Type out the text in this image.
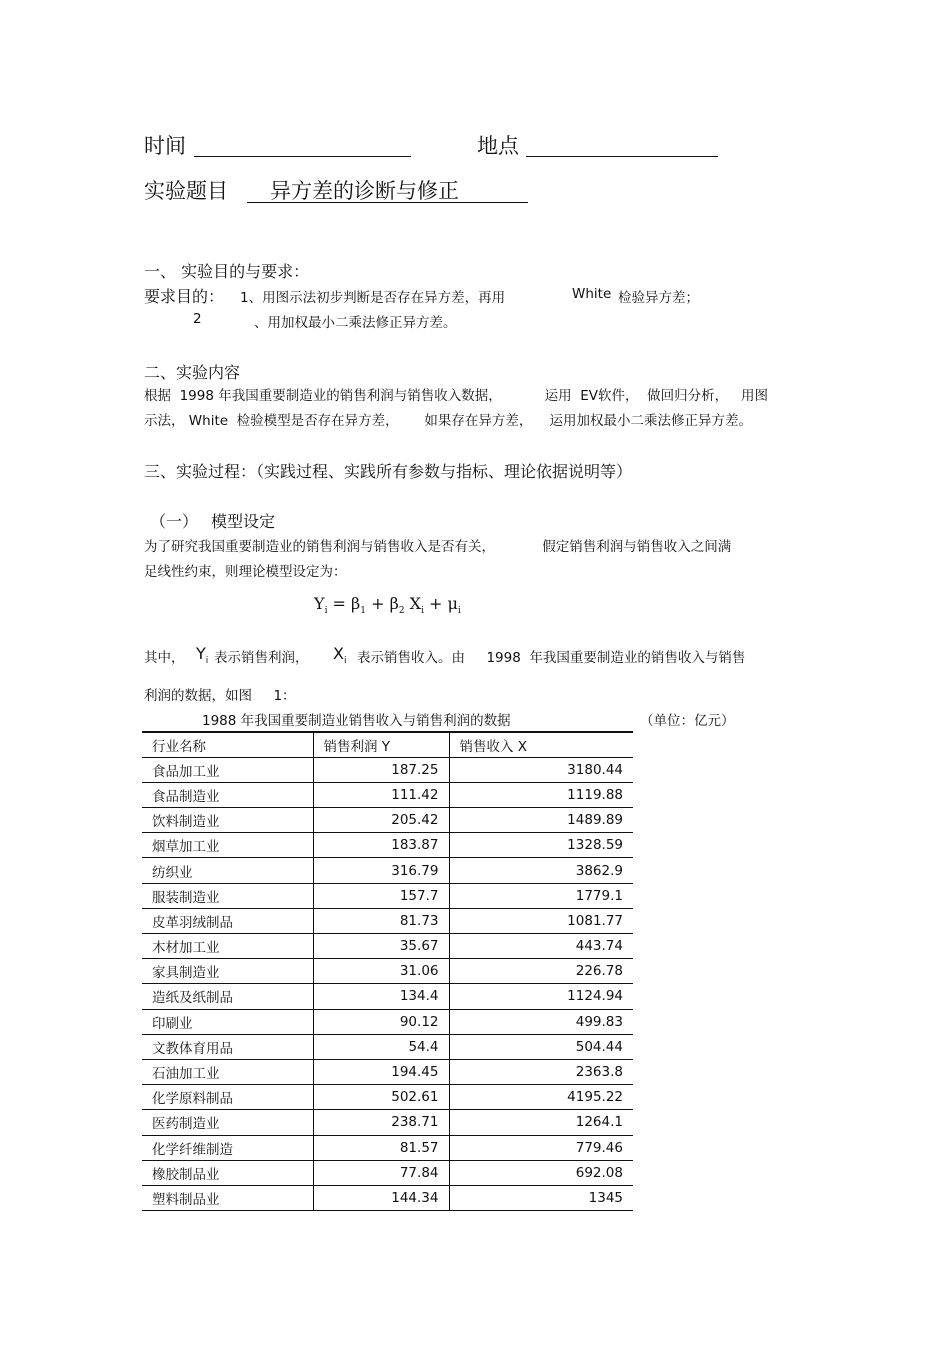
时间	地点
实验题目 异方差的诊断与修正
一、 实验目的与要求：
要求目的： 1、用图示法初步判断是否存在异方差，再用	White 检验异方差；
2	、用加权最小二乘法修正异方差。
二、实验内容
根据  1998 年我国重要制造业的销售利润与销售收入数据，          运用  EV软件，  做回归分析，   用图
示法， White  检验模型是否存在异方差，      如果存在异方差，    运用加权最小二乘法修正异方差。
三、实验过程：（实践过程、实践所有参数与指标、理论依据说明等）
（一） 模型设定
为了研究我国重要制造业的销售利润与销售收入是否有关，           假定销售利润与销售收入之间满
足线性约束，则理论模型设定为：
$Y_i = \beta_1 + \beta_2$ $X_i + \mu_i$
其中， $Y_i$ 表示销售利润， $X_i$ 表示销售收入。由     1998  年我国重要制造业的销售收入与销售
利润的数据，如图     1：
1988 年我国重要制造业销售收入与销售利润的数据	（单位：亿元）
行业名称	销售利润 Y	销售收入 X
食品加工业	187.25	3180.44
食品制造业	111.42	1119.88
饮料制造业	205.42	1489.89
烟草加工业	183.87	1328.59
纺织业	316.79	3862.9
服装制造业	157.7	1779.1
皮革羽绒制品	81.73	1081.77
木材加工业	35.67	443.74
家具制造业	31.06	226.78
造纸及纸制品	134.4	1124.94
印刷业	90.12	499.83
文教体育用品	54.4	504.44
石油加工业	194.45	2363.8
化学原料制品	502.61	4195.22
医药制造业	238.71	1264.1
化学纤维制造	81.57	779.46
橡胶制品业	77.84	692.08
塑料制品业	144.34	1345
